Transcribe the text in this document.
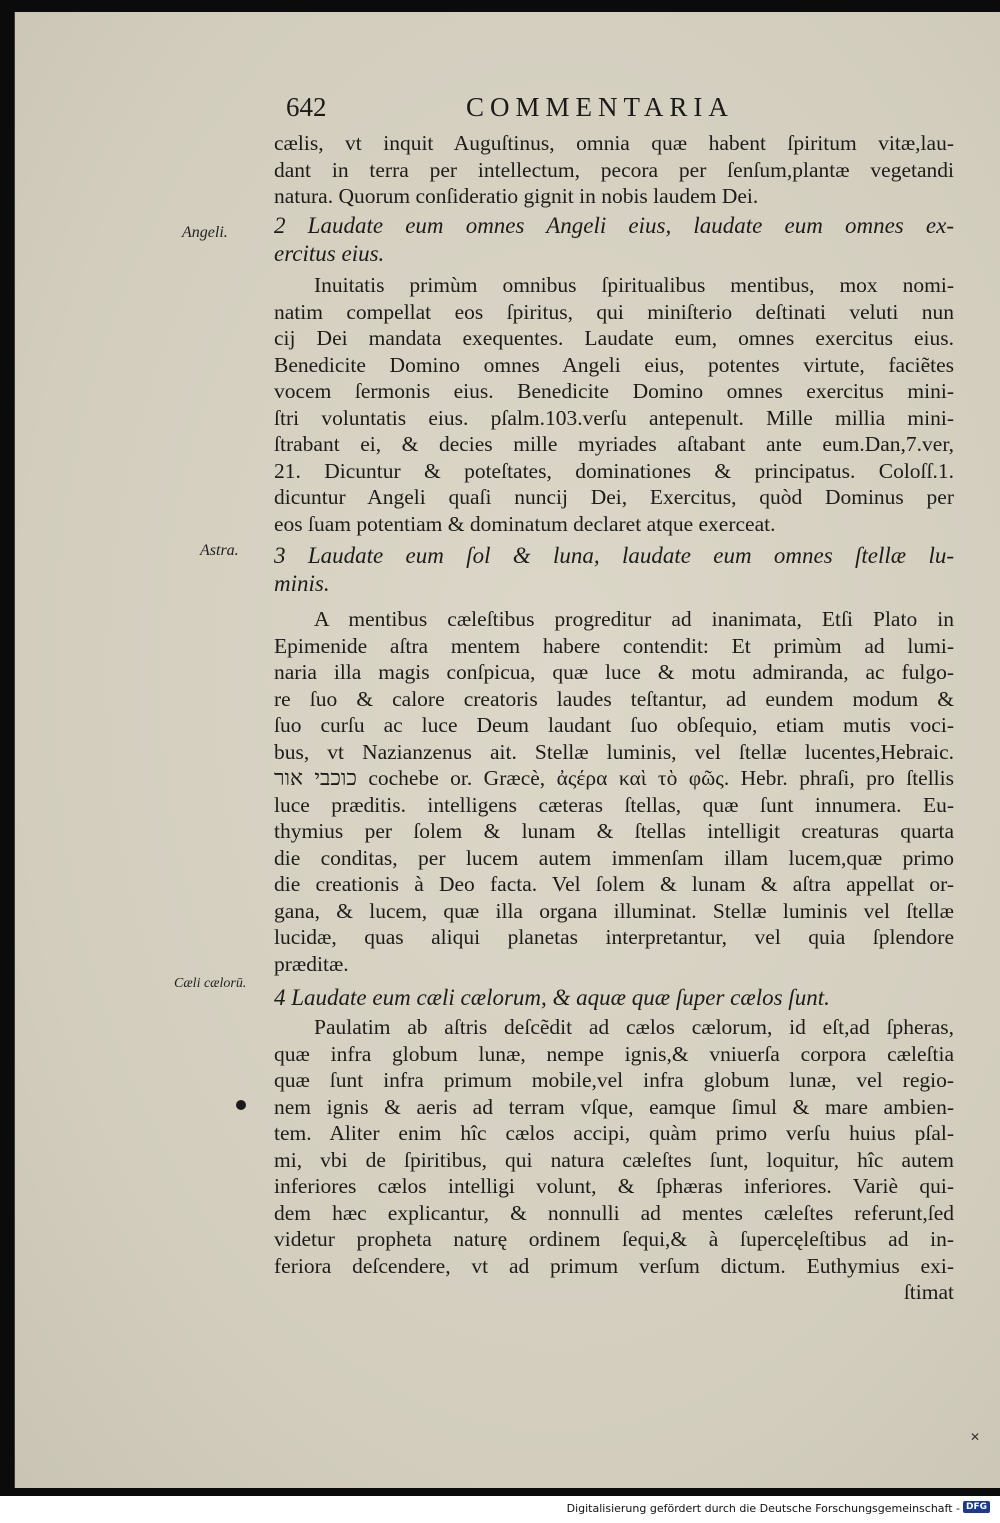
642	COMMENTARIA
Angeli.
Astra.
Cæli cælorū.
✕
cælis, vt inquit Auguſtinus, omnia quæ habent ſpiritum vitæ,lau-
dant in terra per intellectum, pecora per ſenſum,plantæ vegetandi
natura. Quorum conſideratio gignit in nobis laudem Dei.
2 Laudate eum omnes Angeli eius, laudate eum omnes ex-
ercitus eius.
Inuitatis primùm omnibus ſpiritualibus mentibus, mox nomi-
natim compellat eos ſpiritus, qui miniſterio deſtinati veluti nun
cij Dei mandata exequentes. Laudate eum, omnes exercitus eius.
Benedicite Domino omnes Angeli eius, potentes virtute, faciẽtes
vocem ſermonis eius. Benedicite Domino omnes exercitus mini-
ſtri voluntatis eius. pſalm.103.verſu antepenult. Mille millia mini-
ſtrabant ei, & decies mille myriades aſtabant ante eum.Dan,7.ver,
21. Dicuntur & poteſtates, dominationes & principatus. Coloſſ.1.
dicuntur Angeli quaſi nuncij Dei, Exercitus, quòd Dominus per
eos ſuam potentiam & dominatum declaret atque exerceat.
3 Laudate eum ſol & luna, laudate eum omnes ſtellæ lu-
minis.
A mentibus cæleſtibus progreditur ad inanimata, Etſi Plato in
Epimenide aſtra mentem habere contendit: Et primùm ad lumi-
naria illa magis conſpicua, quæ luce & motu admiranda, ac fulgo-
re ſuo & calore creatoris laudes teſtantur, ad eundem modum &
ſuo curſu ac luce Deum laudant ſuo obſequio, etiam mutis voci-
bus, vt Nazianzenus ait. Stellæ luminis, vel ſtellæ lucentes,Hebraic.
כוכבי אור cochebe or. Græcè, ἀςέρα καὶ τὸ φῶς. Hebr. phraſi, pro ſtellis
luce præditis. intelligens cæteras ſtellas, quæ ſunt innumera. Eu-
thymius per ſolem & lunam & ſtellas intelligit creaturas quarta
die conditas, per lucem autem immenſam illam lucem,quæ primo
die creationis à Deo facta. Vel ſolem & lunam & aſtra appellat or-
gana, & lucem, quæ illa organa illuminat. Stellæ luminis vel ſtellæ
lucidæ, quas aliqui planetas interpretantur, vel quia ſplendore
præditæ.
4 Laudate eum cæli cælorum, & aquæ quæ ſuper cælos ſunt.
Paulatim ab aſtris deſcẽdit ad cælos cælorum, id eſt,ad ſpheras,
quæ infra globum lunæ, nempe ignis,& vniuerſa corpora cæleſtia
quæ ſunt infra primum mobile,vel infra globum lunæ, vel regio-
nem ignis & aeris ad terram vſque, eamque ſimul & mare ambien-
tem. Aliter enim hîc cælos accipi, quàm primo verſu huius pſal-
mi, vbi de ſpiritibus, qui natura cæleſtes ſunt, loquitur, hîc autem
inferiores cælos intelligi volunt, & ſphæras inferiores. Variè qui-
dem hæc explicantur, & nonnulli ad mentes cæleſtes referunt,ſed
videtur propheta naturę ordinem ſequi,& à ſupercęleſtibus ad in-
feriora deſcendere, vt ad primum verſum dictum. Euthymius exi-
ſtimat
Digitalisierung gefördert durch die Deutsche Forschungsgemeinschaft - DFG
